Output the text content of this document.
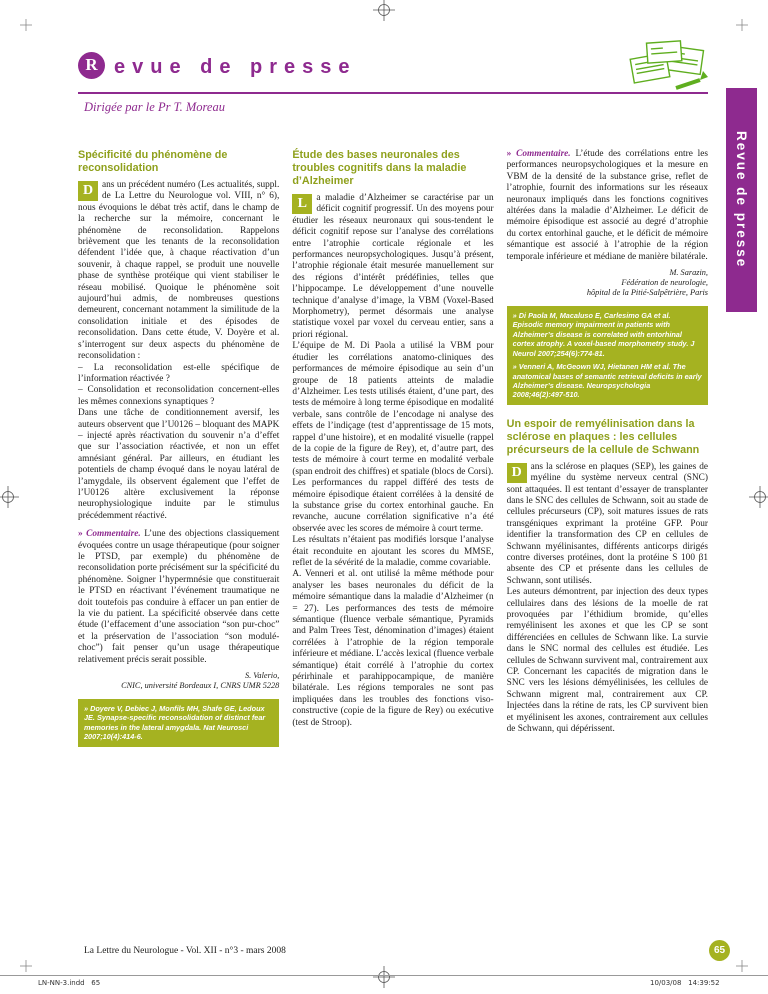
R evue de presse
Dirigée par le Pr T. Moreau
Revue de presse
Spécificité du phénomène de reconsolidation

D ans un précédent numéro (Les actualités, suppl. de La Lettre du Neurologue vol. VIII, n° 6), nous évoquions le débat très actif, dans le champ de la recherche sur la mémoire, concernant le phénomène de reconsolidation. Rappelons brièvement que les tenants de la reconsolidation défendent l’idée que, à chaque réactivation d’un souvenir, à chaque rappel, se produit une nouvelle phase de synthèse protéique qui vient stabiliser le réseau mobilisé. Quoique le phénomène soit aujourd’hui admis, de nombreuses questions demeurent, concernant notamment la similitude de la consolidation initiale et des épisodes de reconsolidation. Dans cette étude, V. Doyère et al. s’interrogent sur deux aspects du phénomène de reconsolidation :

– La reconsolidation est-elle spécifique de l’information réactivée ?

– Consolidation et reconsolidation concernent-elles les mêmes connexions synaptiques ?

Dans une tâche de conditionnement aversif, les auteurs observent que l’U0126 – bloquant des MAPK – injecté après réactivation du souvenir n’a d’effet que sur l’association réactivée, et non un effet amnésiant général. Par ailleurs, en étudiant les potentiels de champ évoqué dans le noyau latéral de l’amygdale, ils observent également que l’effet de l’U0126 altère exclusivement la réponse neurophysiologique induite par le stimulus précédemment réactivé.

» Commentaire. L’une des objections classiquement évoquées contre un usage thérapeutique (pour soigner le PTSD, par exemple) du phénomène de reconsolidation porte précisément sur la spécificité du phénomène. Soigner l’hypermnésie que constituerait le PTSD en réactivant l’événement traumatique ne doit toutefois pas conduire à effacer un pan entier de la vie du patient. La spécificité observée dans cette étude (l’effacement d’une association “son pur-choc” et la préservation de l’association “son modulé-choc”) fait penser qu’un usage thérapeutique relativement précis serait possible.

S. Valerio,
CNIC, université Bordeaux I, CNRS UMR 5228

» Doyere V, Debiec J, Monfils MH, Shafe GE, Ledoux JE. Synapse-specific reconsolidation of distinct fear memories in the lateral amygdala. Nat Neurosci 2007;10(4):414-6.

Étude des bases neuronales des troubles cognitifs dans la maladie d’Alzheimer

L	a maladie d’Alzheimer se caractérise par un déficit cognitif progressif. Un des moyens pour étudier les réseaux neuronaux qui sous-tendent le déficit cognitif repose sur l’analyse des corrélations entre l’atrophie corticale régionale et les performances neuropsychologiques. Jusqu’à présent, l’atrophie régionale était mesurée manuellement sur des régions d’intérêt prédéfinies, telles que l’hippocampe. Le développement d’une nouvelle technique d’analyse d’image, la VBM (Voxel-Based Morphometry), permet désormais une analyse statistique voxel par voxel du cerveau entier, sans a priori régional.

L’équipe de M. Di Paola a utilisé la VBM pour étudier les corrélations anatomo-cliniques des performances de mémoire épisodique au sein d’un groupe de 18 patients atteints de maladie d’Alzheimer. Les tests utilisés étaient, d’une part, des tests de mémoire à long terme épisodique en modalité verbale, sans contrôle de l’encodage ni analyse des effets de l’indiçage (test d’apprentissage de 15 mots, rappel d’une histoire), et en modalité visuelle (rappel de la copie de la figure de Rey), et, d’autre part, des tests de mémoire à court terme en modalité verbale (span endroit des chiffres) et spatiale (blocs de Corsi).

Les performances du rappel différé des tests de mémoire épisodique étaient corrélées à la densité de la substance grise du cortex entorhinal gauche. En revanche, aucune corrélation significative n’a été observée avec les scores de mémoire à court terme.

Les résultats n’étaient pas modifiés lorsque l’analyse était reconduite en ajoutant les scores du MMSE, reflet de la sévérité de la maladie, comme covariable.

A. Venneri et al. ont utilisé la même méthode pour analyser les bases neuronales du déficit de la mémoire sémantique dans la maladie d’Alzheimer (n = 27). Les performances des tests de mémoire sémantique (fluence verbale sémantique, Pyramids and Palm Trees Test, dénomination d’images) étaient corrélées à l’atrophie de la région temporale inférieure et médiane. L’accès lexical (fluence verbale sémantique) était corrélé à l’atrophie du cortex périrhinale et parahippocampique, de manière bilatérale. Les régions temporales ne sont pas impliquées dans les troubles des fonctions viso-constructive (copie de la figure de Rey) ou exécutive (test de Stroop).

» Commentaire. L’étude des corrélations entre les performances neuropsychologiques et la mesure en VBM de la densité de la substance grise, reflet de l’atrophie, fournit des informations sur les réseaux neuronaux impliqués dans les fonctions cognitives altérées dans la maladie d’Alzheimer. Le déficit de mémoire épisodique est associé au degré d’atrophie du cortex entorhinal gauche, et le déficit de mémoire sémantique est associé à l’atrophie de la région temporale inférieure et médiane de manière bilatérale.

M. Sarazin,
Fédération de neurologie,
hôpital de la Pitié-Salpêtrière, Paris

» Di Paola M, Macaluso E, Carlesimo GA et al. Episodic memory impairment in patients with Alzheimer’s disease is correlated with entorhinal cortex atrophy. A voxel-based morphometry study. J Neurol 2007;254(6):774-81.

» Venneri A, McGeown WJ, Hietanen HM et al. The anatomical bases of semantic retrieval deficits in early Alzheimer’s disease. Neuropsychologia 2008;46(2):497-510.

Un espoir de remyélinisation dans la sclérose en plaques : les cellules précurseurs de la cellule de Schwann

D ans la sclérose en plaques (SEP), les gaines de myéline du système nerveux central (SNC) sont attaquées. Il est tentant d’essayer de transplanter dans le SNC des cellules de Schwann, soit au stade de cellules précurseurs (CP), soit matures issues de rats transgéniques exprimant la protéine GFP. Pour identifier la transformation des CP en cellules de Schwann myélinisantes, différents anticorps dirigés contre diverses protéines, dont la protéine S 100 β1 absente des CP et présente dans les cellules de Schwann, sont utilisés.

Les auteurs démontrent, par injection des deux types cellulaires dans des lésions de la moelle de rat provoquées par l’éthidium bromide, qu’elles remyélinisent les axones et que les CP se sont différenciées en cellules de Schwann like. La survie dans le SNC normal des cellules est étudiée. Les cellules de Schwann survivent mal, contrairement aux CP. Concernant les capacités de migration dans le SNC vers les lésions démyélinisées, les cellules de Schwann migrent mal, contrairement aux CP. Injectées dans la rétine de rats, les CP survivent bien et myélinisent les axones, contrairement aux cellules de Schwann, qui dépérissent.

La Lettre du Neurologue - Vol. XII - n°3 - mars 2008	65
LN-NN-3.indd   65	10/03/08   14:39:52
